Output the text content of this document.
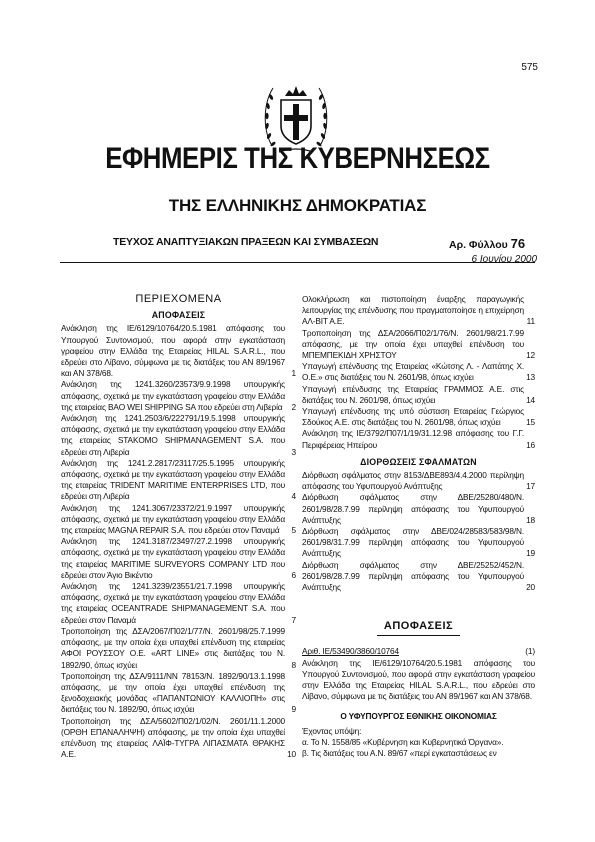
575
ΕΦΗΜΕΡΙΣ ΤΗΣ ΚΥΒΕΡΝΗΣΕΩΣ
ΤΗΣ ΕΛΛΗΝΙΚΗΣ ΔΗΜΟΚΡΑΤΙΑΣ
ΤΕΥΧΟΣ ΑΝΑΠΤΥΞΙΑΚΩΝ ΠΡΑΞΕΩΝ ΚΑΙ ΣΥΜΒΑΣΕΩΝ	Αρ. Φύλλου 76
6 Ιουνίου 2000
ΠΕΡΙΕΧΟΜΕΝΑ
ΑΠΟΦΑΣΕΙΣ
Ανάκληση της ΙΕ/6129/10764/20.5.1981 απόφασης του Υπουργού Συντονισμού, που αφορά στην εγκατάσταση γραφείου στην Ελλάδα της Εταιρείας HILAL S.A.R.L., που εδρεύει στο Λίβανο, σύμφωνα με τις διατάξεις του ΑΝ 89/1967 και ΑΝ 378/68.	1
Ανάκληση της 1241.3260/23573/9.9.1998 υπουργικής απόφασης, σχετικά με την εγκατάσταση γραφείου στην Ελλάδα της εταιρείας BAO WEI SHIPPING SA που εδρεύει στη Λιβερία 2
Ανάκληση της 1241.2503/6/222791/19.5.1998 υπουργικής απόφασης, σχετικά με την εγκατάσταση γραφείου στην Ελλάδα της εταιρείας STAKOMO SHIPMANAGEMENT S.A. που εδρεύει στη Λιβερία	3
Ανάκληση της 1241.2.2817/23117/25.5.1995 υπουργικής απόφασης, σχετικά με την εγκατάσταση γραφείου στην Ελλάδα της εταιρείας TRIDENT MARITIME ENTERPRISES LTD, που εδρεύει στη Λιβερία	4
Ανάκληση της 1241.3067/23372/21.9.1997 υπουργικής απόφασης, σχετικά με την εγκατάσταση γραφείου στην Ελλάδα της εταιρείας MAGNA REPAIR S.A. που εδρεύει στον Παναμά 5
Ανάκληση της 1241.3187/23497/27.2.1998 υπουργικής απόφασης, σχετικά με την εγκατάσταση γραφείου στην Ελλάδα της εταιρείας MARITIME SURVEYORS COMPANY LTD που εδρεύει στον Άγιο Βικέντιο	6
Ανάκληση της 1241.3239/23551/21.7.1998 υπουργικής απόφασης, σχετικά με την εγκατάσταση γραφείου στην Ελλάδα της εταιρείας OCEANTRADE SHIPMANAGEMENT S.A. που εδρεύει στον Παναμά	7
Τροποποίηση της ΔΣΑ/2067/Π02/1/77/Ν. 2601/98/25.7.1999 απόφασης, με την οποία έχει υπαχθεί επένδυση της εταιρείας ΑΦΟΙ ΡΟΥΣΣΟΥ Ο.Ε. «ART LINE» στις διατάξεις του Ν. 1892/90, όπως ισχύει	8
Τροποποίηση της ΔΣΑ/9111/ΝΝ 78153/Ν. 1892/90/13.1.1998 απόφασης, με την οποία έχει υπαχθεί επένδυση της ξενοδοχειακής μονάδας «ΠΑΠΑΝΤΩΝΙΟΥ ΚΑΛΛΙΟΠΗ» στις διατάξεις του Ν. 1892/90, όπως ισχύει	9
Τροποποίηση της ΔΣΑ/5602/Π02/1/02/Ν. 2601/11.1.2000 (ΟΡΘΗ ΕΠΑΝΑΛΗΨΗ) απόφασης, με την οποία έχει υπαχθεί επένδυση της εταιρείας ΛΑΪΦ-ΤΥΓΡΑ ΛΙΠΑΣΜΑΤΑ ΘΡΑΚΗΣ Α.Ε.	10
Ολοκλήρωση και πιστοποίηση έναρξης παραγωγικής λειτουργίας της επένδυσης που πραγματοποίησε η επιχείρηση ΑΛ-ΒΙΤ Α.Ε.	11
Τροποποίηση της ΔΣΑ/2066/Π02/1/76/Ν. 2601/98/21.7.99 απόφασης, με την οποία έχει υπαχθεί επένδυση του ΜΠΕΜΠΕΚΙΔΗ ΧΡΗΣΤΟΥ	12
Υπαγωγή επένδυσης της Εταιρείας «Κώτσης Λ. - Λαπάτης Χ. Ο.Ε.» στις διατάξεις του Ν. 2601/98, όπως ισχύει	13
Υπαγωγή επένδυσης της Εταιρείας ΓΡΑΜΜΟΣ Α.Ε. στις διατάξεις του Ν. 2601/98, όπως ισχύει	14
Υπαγωγή επένδυσης της υπό σύσταση Εταιρείας Γεώργιος Σδούκος Α.Ε. στις διατάξεις του Ν. 2601/98, όπως ισχύει	15
Ανάκληση της ΙΕ/3792/Π07/1/19/31.12.98 απόφασης του Γ.Γ. Περιφέρειας Ηπείρου	16
ΔΙΟΡΘΩΣΕΙΣ ΣΦΑΛΜΑΤΩΝ
Διόρθωση σφάλματος στην 8153/ΔΒΕ893/4.4.2000 περίληψη απόφασης του Υφυπουργού Ανάπτυξης	17
Διόρθωση σφάλματος στην ΔΒΕ/25280/480/Ν. 2601/98/28.7.99 περίληψη απόφασης του Υφυπουργού Ανάπτυξης	18
Διόρθωση σφάλματος στην ΔΒΕ/024/28583/583/98/Ν. 2601/98/31.7.99 περίληψη απόφασης του Υφυπουργού Ανάπτυξης	19
Διόρθωση σφάλματος στην ΔΒΕ/25252/452/Ν. 2601/98/28.7.99 περίληψη απόφασης του Υφυπουργού Ανάπτυξης	20
ΑΠΟΦΑΣΕΙΣ
Αριθ. ΙΕ/53490/3860/10764	(1)
Ανάκληση της ΙΕ/6129/10764/20.5.1981 απόφασης του Υπουργού Συντονισμού, που αφορά στην εγκατάσταση γραφείου στην Ελλάδα της Εταιρείας HILAL S.A.R.L., που εδρεύει στο Λίβανο, σύμφωνα με τις διατάξεις του ΑΝ 89/1967 και ΑΝ 378/68.
Ο ΥΦΥΠΟΥΡΓΟΣ ΕΘΝΙΚΗΣ ΟΙΚΟΝΟΜΙΑΣ
Έχοντας υπόψη:
α. Το Ν. 1558/85 «Κυβέρνηση και Κυβερνητικά Όργανα».
β. Τις διατάξεις του Α.Ν. 89/67 «περί εγκαταστάσεως εν
